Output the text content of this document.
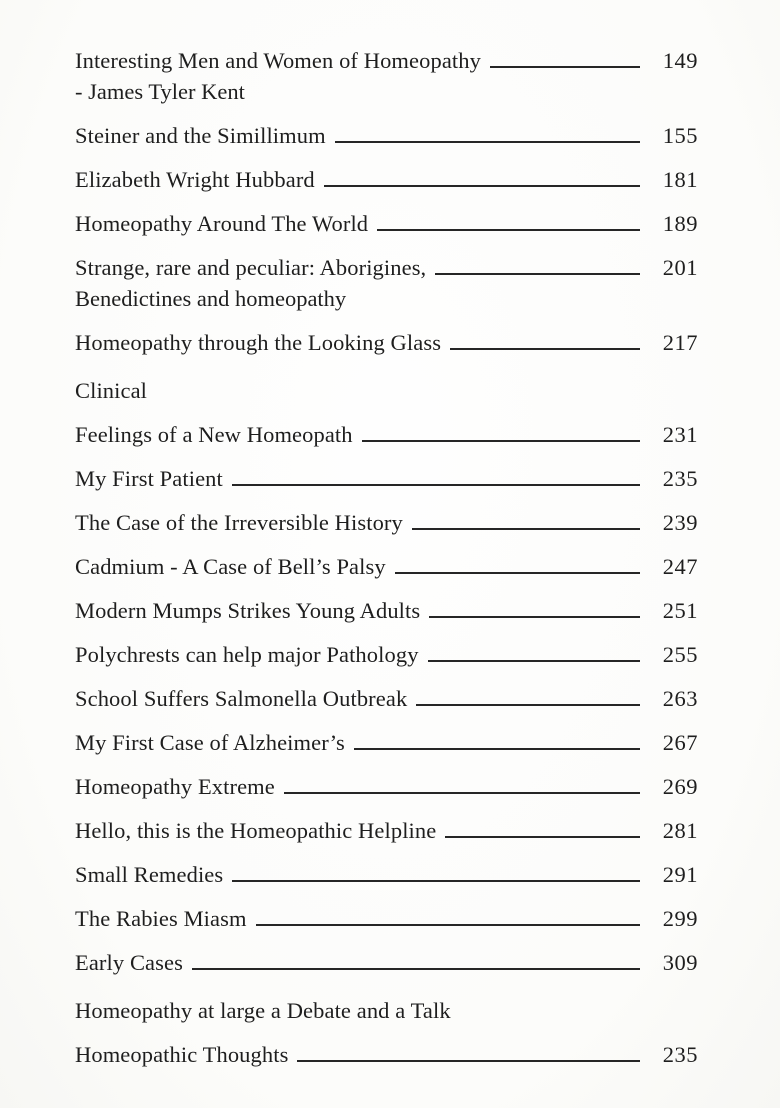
Interesting Men and Women of Homeopathy	149
- James Tyler Kent
Steiner and the Simillimum	155
Elizabeth Wright Hubbard	181
Homeopathy Around The World	189
Strange, rare and peculiar: Aborigines,	201
Benedictines and homeopathy
Homeopathy through the Looking Glass	217
Clinical
Feelings of a New Homeopath	231
My First Patient	235
The Case of the Irreversible History	239
Cadmium - A Case of Bell’s Palsy	247
Modern Mumps Strikes Young Adults	251
Polychrests can help major Pathology	255
School Suffers Salmonella Outbreak	263
My First Case of Alzheimer’s	267
Homeopathy Extreme	269
Hello, this is the Homeopathic Helpline	281
Small Remedies	291
The Rabies Miasm	299
Early Cases	309
Homeopathy at large a Debate and a Talk
Homeopathic Thoughts	235
